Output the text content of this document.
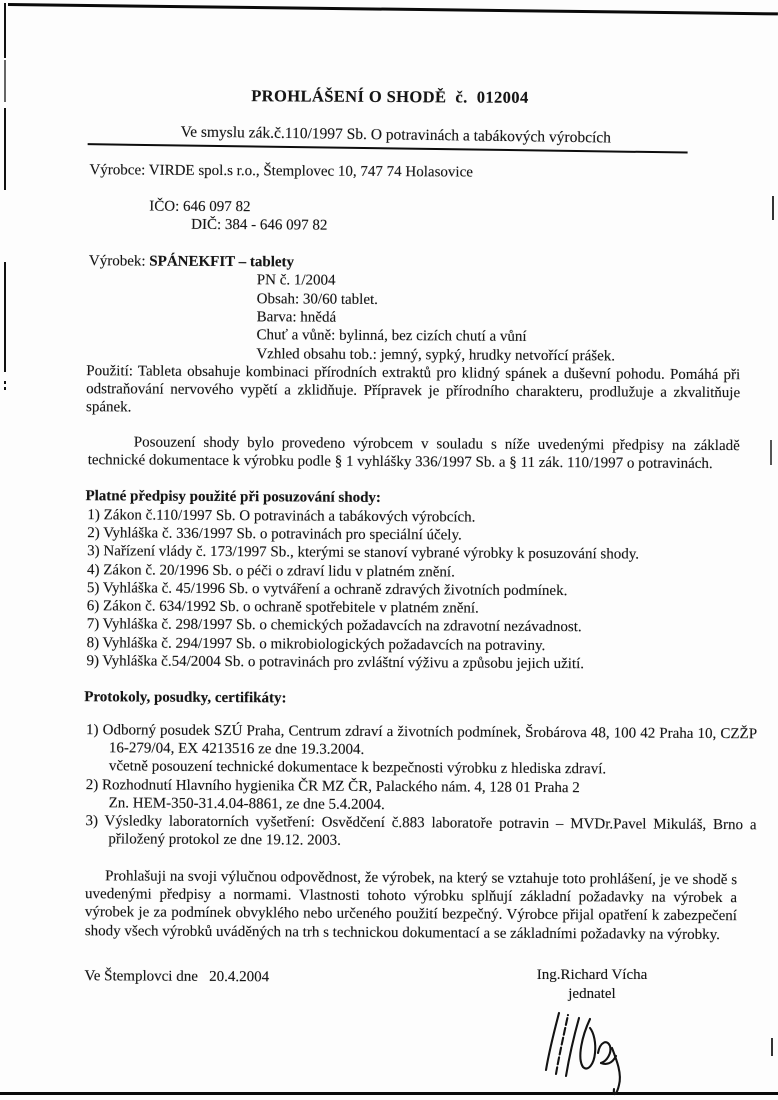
PROHLÁŠENÍ O SHODĚ  č.  012004
Ve smyslu zák.č.110/1997 Sb. O potravinách a tabákových výrobcích
Výrobce: VIRDE spol.s r.o., Štemplovec 10, 747 74 Holasovice

IČO: 646 097 82
DIČ: 384 - 646 097 82

Výrobek: SPÁNEKFIT – tablety
PN č. 1/2004
Obsah: 30/60 tablet.
Barva: hnědá
Chuť a vůně: bylinná, bez cizích chutí a vůní
Vzhled obsahu tob.: jemný, sypký, hrudky netvořící prášek.
Použití: Tableta obsahuje kombinaci přírodních extraktů pro klidný spánek a duševní pohodu. Pomáhá při odstraňování nervového vypětí a zklidňuje. Přípravek je přírodního charakteru, prodlužuje a zkvalitňuje spánek.
Posouzení shody bylo provedeno výrobcem v souladu s níže uvedenými předpisy na základě technické dokumentace k výrobku podle § 1 vyhlášky 336/1997 Sb. a § 11 zák. 110/1997 o potravinách.
Platné předpisy použité při posuzování shody:
1) Zákon č.110/1997 Sb. O potravinách a tabákových výrobcích.
2) Vyhláška č. 336/1997 Sb. o potravinách pro speciální účely.
3) Nařízení vlády č. 173/1997 Sb., kterými se stanoví vybrané výrobky k posuzování shody.
4) Zákon č. 20/1996 Sb. o péči o zdraví lidu v platném znění.
5) Vyhláška č. 45/1996 Sb. o vytváření a ochraně zdravých životních podmínek.
6) Zákon č. 634/1992 Sb. o ochraně spotřebitele v platném znění.
7) Vyhláška č. 298/1997 Sb. o chemických požadavcích na zdravotní nezávadnost.
8) Vyhláška č. 294/1997 Sb. o mikrobiologických požadavcích na potraviny.
9) Vyhláška č.54/2004 Sb. o potravinách pro zvláštní výživu a způsobu jejich užití.
Protokoly, posudky, certifikáty:
1) Odborný posudek SZÚ Praha, Centrum zdraví a životních podmínek, Šrobárova 48, 100 42 Praha 10, CZŽP 16-279/04, EX 4213516 ze dne 19.3.2004.
včetně posouzení technické dokumentace k bezpečnosti výrobku z hlediska zdraví.
2) Rozhodnutí Hlavního hygienika ČR MZ ČR, Palackého nám. 4, 128 01 Praha 2
Zn. HEM-350-31.4.04-8861, ze dne 5.4.2004.
3) Výsledky laboratorních vyšetření: Osvědčení č.883 laboratoře potravin – MVDr.Pavel Mikuláš, Brno a přiložený protokol ze dne 19.12. 2003.
Prohlašuji na svoji výlučnou odpovědnost, že výrobek, na který se vztahuje toto prohlášení, je ve shodě s uvedenými předpisy a normami. Vlastnosti tohoto výrobku splňují základní požadavky na výrobek a výrobek je za podmínek obvyklého nebo určeného použití bezpečný. Výrobce přijal opatření k zabezpečení shody všech výrobků uváděných na trh s technickou dokumentací a se základními požadavky na výrobky.
Ve Štemplovci dne   20.4.2004	Ing.Richard Vícha
jednatel
